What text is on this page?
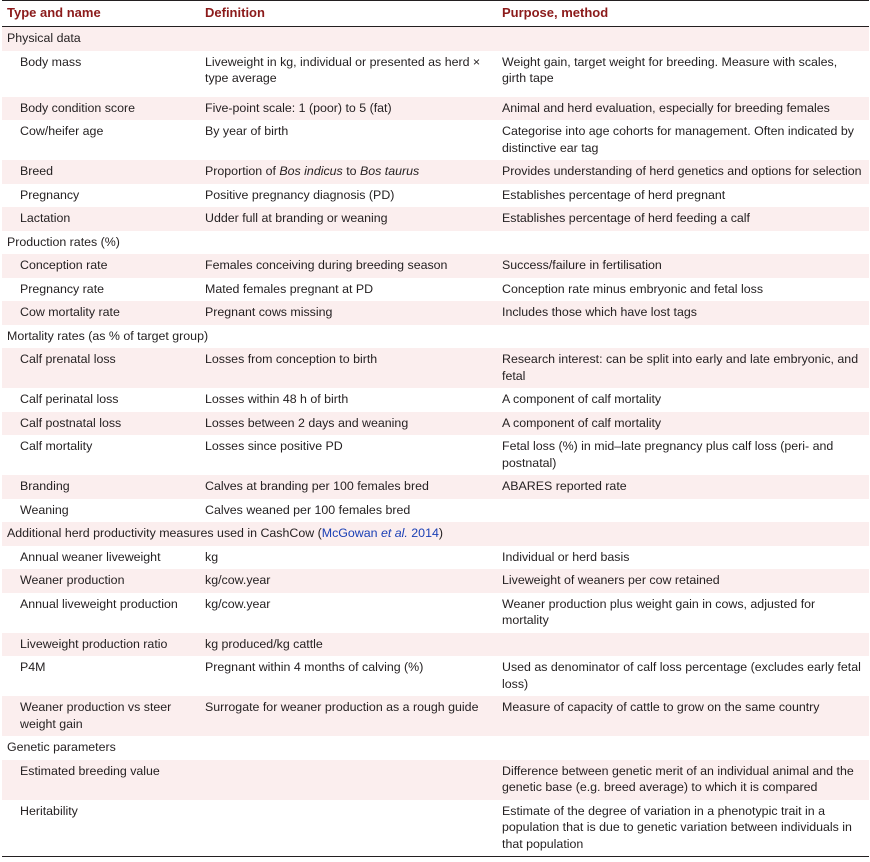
Type and name	Definition	Purpose, method
Physical data		
Body mass	Liveweight in kg, individual or presented as herd × type average	Weight gain, target weight for breeding. Measure with scales, girth tape
Body condition score	Five-point scale: 1 (poor) to 5 (fat)	Animal and herd evaluation, especially for breeding females
Cow/heifer age	By year of birth	Categorise into age cohorts for management. Often indicated by distinctive ear tag
Breed	Proportion of Bos indicus to Bos taurus	Provides understanding of herd genetics and options for selection
Pregnancy	Positive pregnancy diagnosis (PD)	Establishes percentage of herd pregnant
Lactation	Udder full at branding or weaning	Establishes percentage of herd feeding a calf
Production rates (%)		
Conception rate	Females conceiving during breeding season	Success/failure in fertilisation
Pregnancy rate	Mated females pregnant at PD	Conception rate minus embryonic and fetal loss
Cow mortality rate	Pregnant cows missing	Includes those which have lost tags
Mortality rates (as % of target group)		
Calf prenatal loss	Losses from conception to birth	Research interest: can be split into early and late embryonic, and fetal
Calf perinatal loss	Losses within 48 h of birth	A component of calf mortality
Calf postnatal loss	Losses between 2 days and weaning	A component of calf mortality
Calf mortality	Losses since positive PD	Fetal loss (%) in mid–late pregnancy plus calf loss (peri- and postnatal)
Branding	Calves at branding per 100 females bred	ABARES reported rate
Weaning	Calves weaned per 100 females bred	
Additional herd productivity measures used in CashCow (McGowan et al. 2014)		
Annual weaner liveweight	kg	Individual or herd basis
Weaner production	kg/cow.year	Liveweight of weaners per cow retained
Annual liveweight production	kg/cow.year	Weaner production plus weight gain in cows, adjusted for mortality
Liveweight production ratio	kg produced/kg cattle	
P4M	Pregnant within 4 months of calving (%)	Used as denominator of calf loss percentage (excludes early fetal loss)
Weaner production vs steer weight gain	Surrogate for weaner production as a rough guide	Measure of capacity of cattle to grow on the same country
Genetic parameters		
Estimated breeding value		Difference between genetic merit of an individual animal and the genetic base (e.g. breed average) to which it is compared
Heritability		Estimate of the degree of variation in a phenotypic trait in a population that is due to genetic variation between individuals in that population
